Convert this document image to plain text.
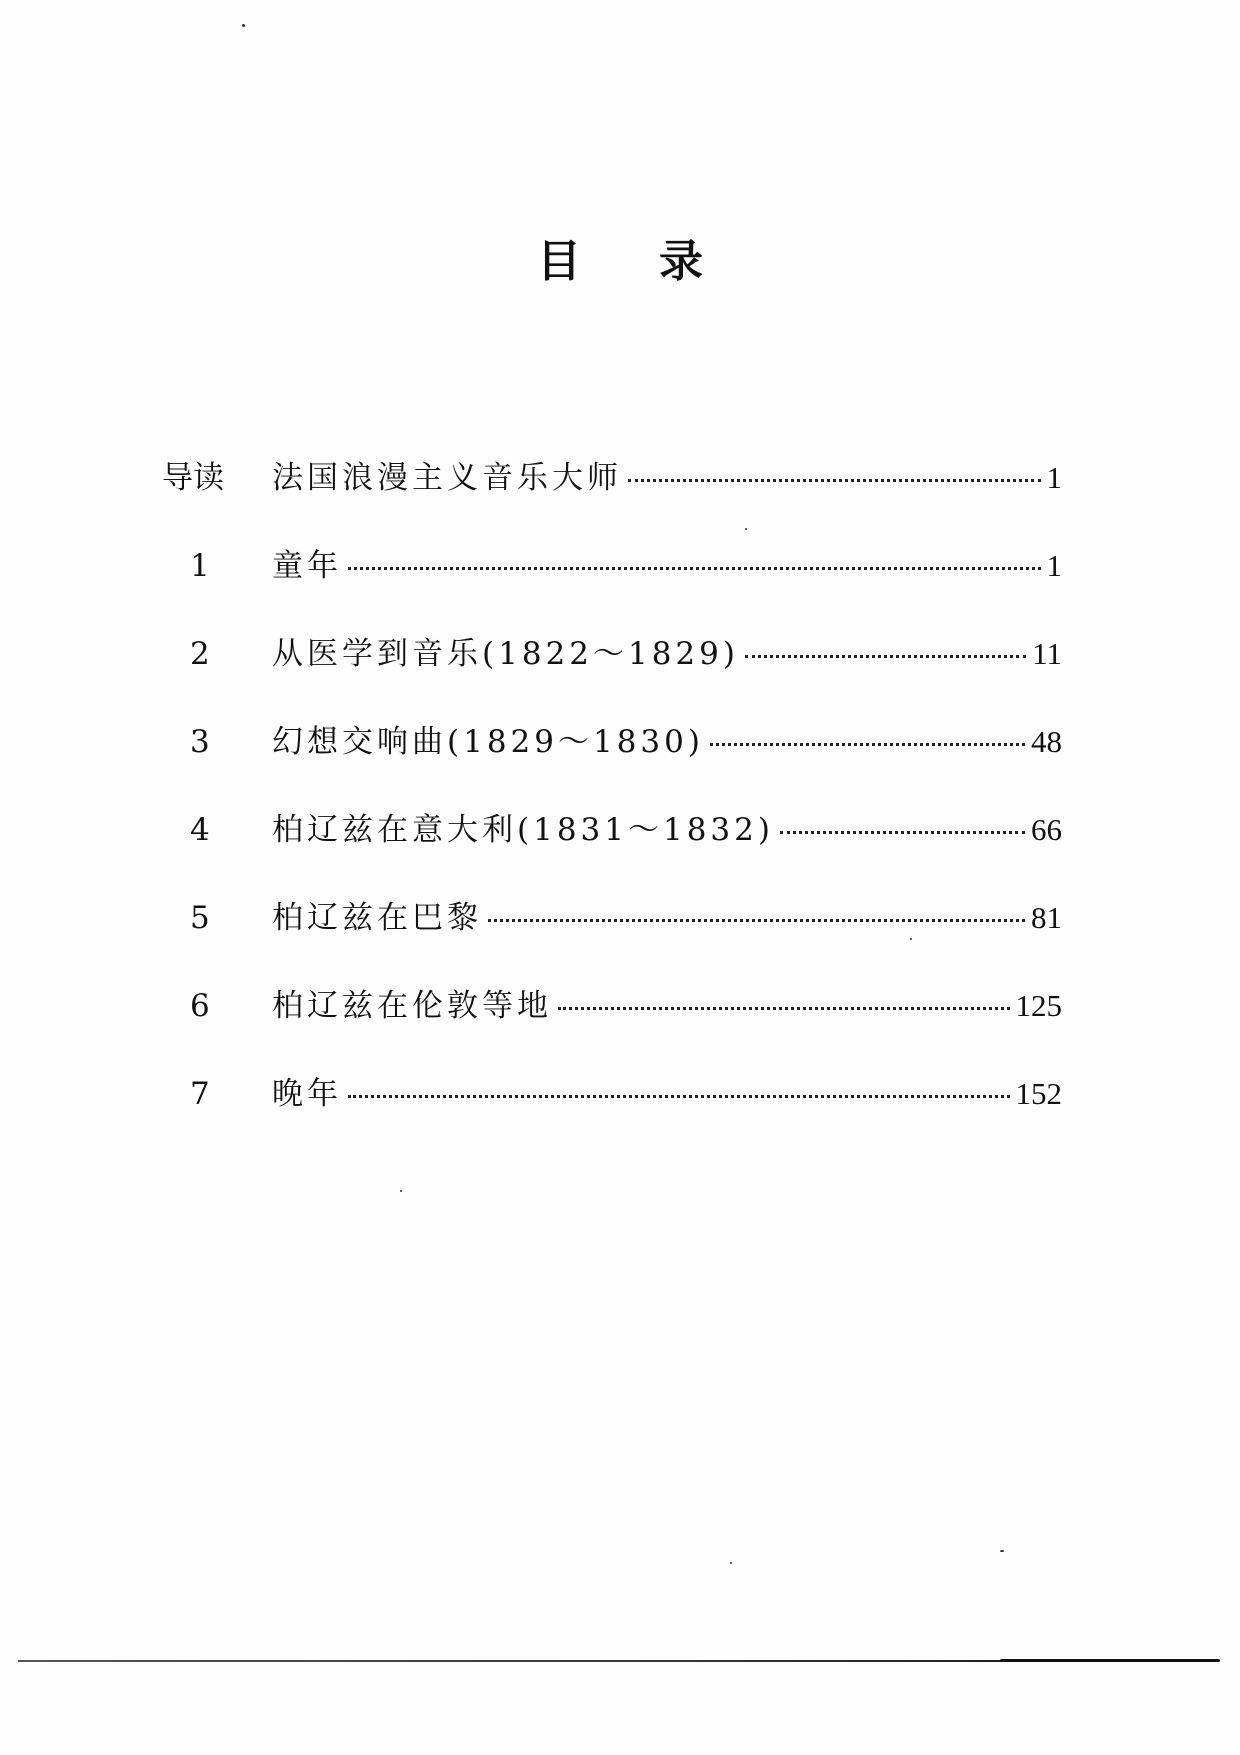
目录
导读	法国浪漫主义音乐大师	1
1	童年	1
2	从医学到音乐(1822～1829)	11
3	幻想交响曲(1829～1830)	48
4	柏辽兹在意大利(1831～1832)	66
5	柏辽兹在巴黎	81
6	柏辽兹在伦敦等地	125
7	晚年	152
